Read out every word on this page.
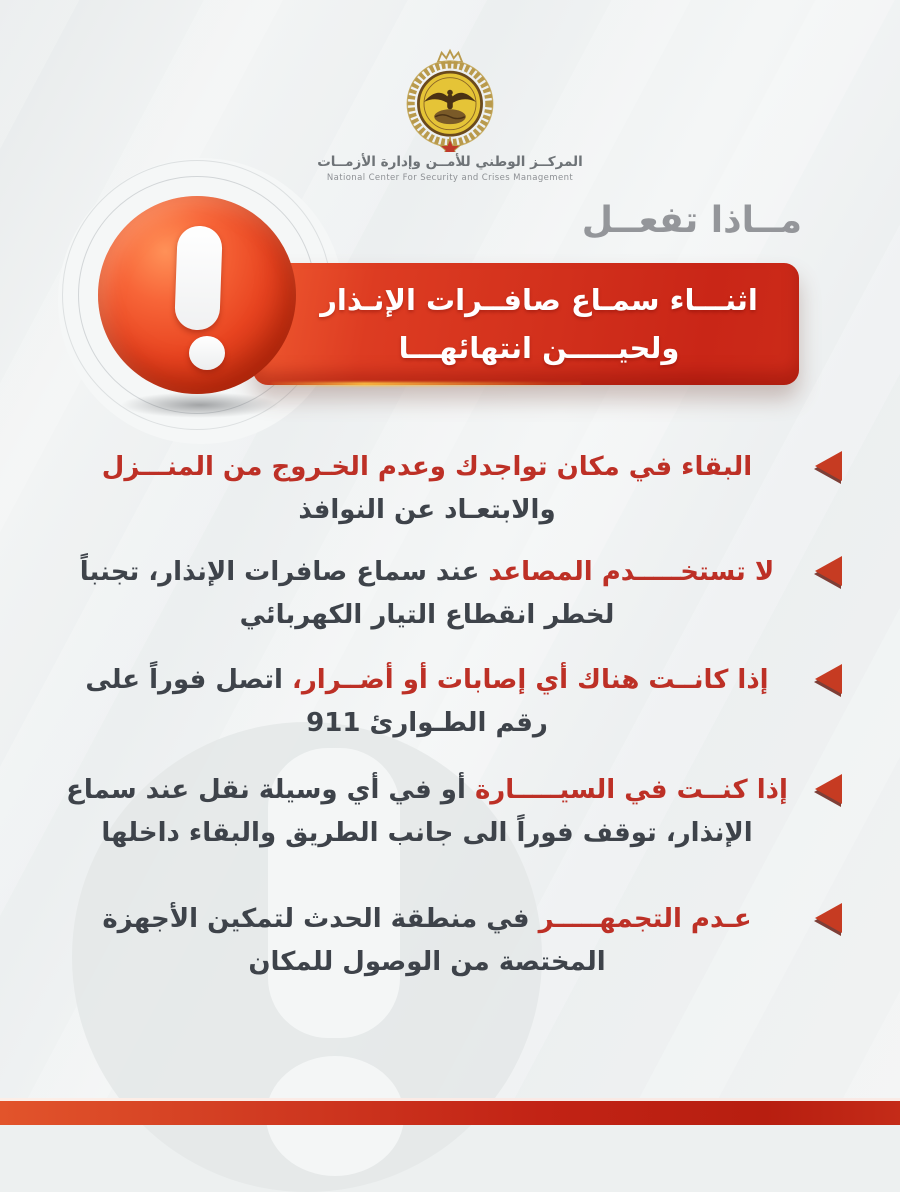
المركــز الوطني للأمــن وإدارة الأزمــات
National Center For Security and Crises Management
مــاذا تفعــل
اثنـــاء سمـاع صافــرات الإنـذار
ولحيـــــن انتهائهـــا

البقاء في مكان تواجدك وعدم الخـروج من المنـــزل والابتعـاد عن النوافذ

لا تستخـــــدم المصاعد عند سماع صافرات الإنذار، تجنباً لخطر انقطاع التيار الكهربائي

إذا كانــت هناك أي إصابات أو أضــرار، اتصل فوراً على رقم الطـوارئ 911

إذا كنــت في السيـــــارة أو في أي وسيلة نقل عند سماع الإنذار، توقف فوراً الى جانب الطريق والبقاء داخلها

عـدم التجمهـــــر في منطقة الحدث لتمكين الأجهزة المختصة من الوصول للمكان
